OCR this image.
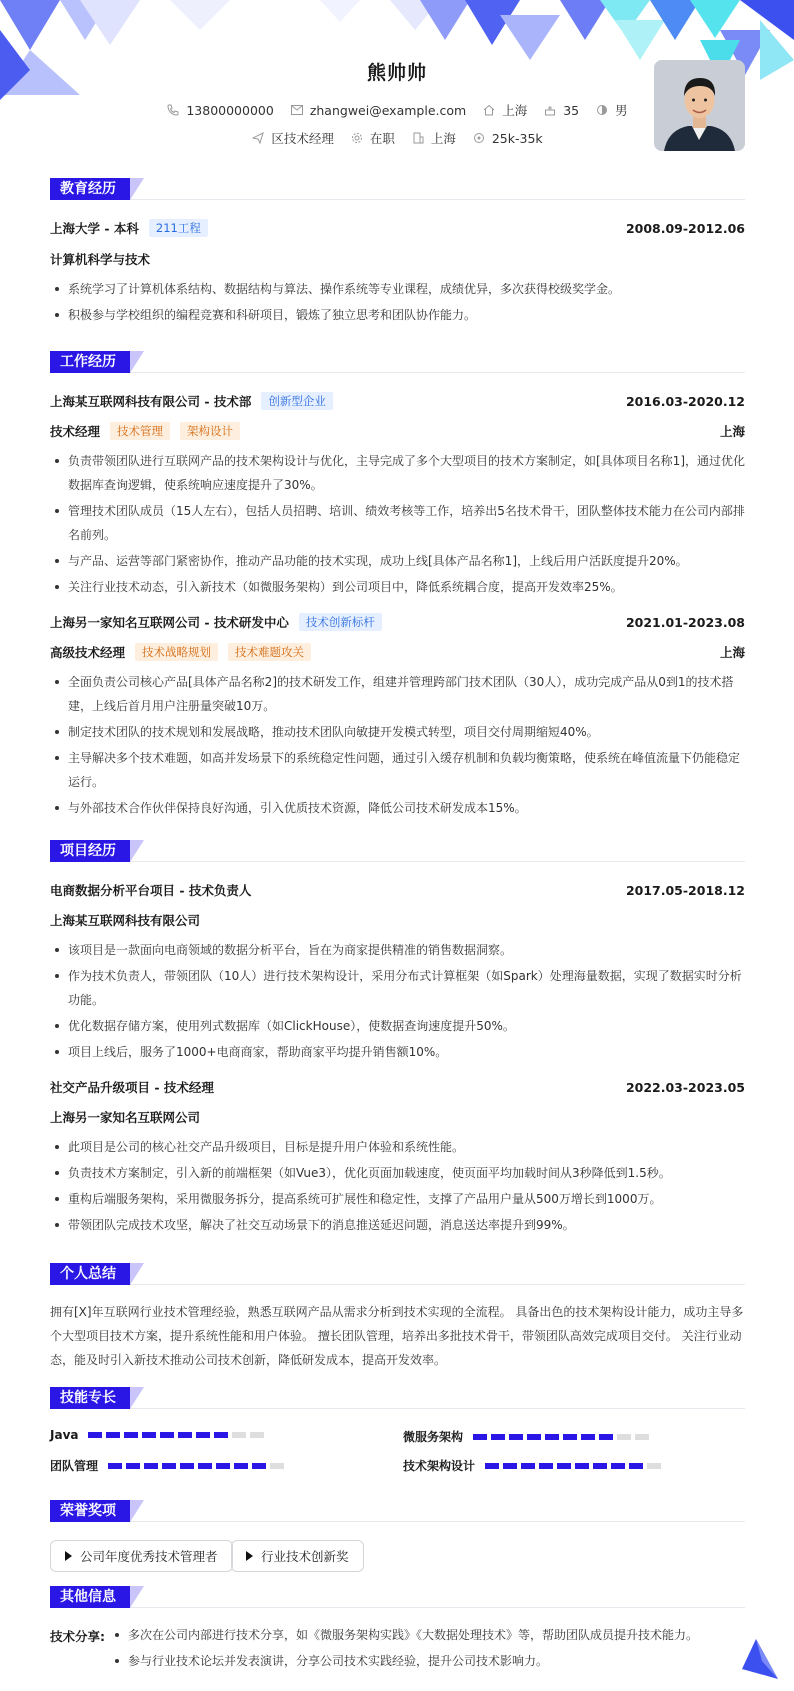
熊帅帅
13800000000	zhangwei@example.com	上海	35	男
区技术经理	在职	上海	25k-35k
教育经历
上海大学 - 本科	211工程	2008.09-2012.06
计算机科学与技术
系统学习了计算机体系结构、数据结构与算法、操作系统等专业课程，成绩优异，多次获得校级奖学金。
积极参与学校组织的编程竞赛和科研项目，锻炼了独立思考和团队协作能力。
工作经历
上海某互联网科技有限公司 - 技术部	创新型企业	2016.03-2020.12
技术经理	技术管理	架构设计	上海
负责带领团队进行互联网产品的技术架构设计与优化，主导完成了多个大型项目的技术方案制定，如[具体项目名称1]，通过优化数据库查询逻辑，使系统响应速度提升了30%。
管理技术团队成员（15人左右），包括人员招聘、培训、绩效考核等工作，培养出5名技术骨干，团队整体技术能力在公司内部排名前列。
与产品、运营等部门紧密协作，推动产品功能的技术实现，成功上线[具体产品名称1]，上线后用户活跃度提升20%。
关注行业技术动态，引入新技术（如微服务架构）到公司项目中，降低系统耦合度，提高开发效率25%。
上海另一家知名互联网公司 - 技术研发中心	技术创新标杆	2021.01-2023.08
高级技术经理	技术战略规划	技术难题攻关	上海
全面负责公司核心产品[具体产品名称2]的技术研发工作，组建并管理跨部门技术团队（30人），成功完成产品从0到1的技术搭建，上线后首月用户注册量突破10万。
制定技术团队的技术规划和发展战略，推动技术团队向敏捷开发模式转型，项目交付周期缩短40%。
主导解决多个技术难题，如高并发场景下的系统稳定性问题，通过引入缓存机制和负载均衡策略，使系统在峰值流量下仍能稳定运行。
与外部技术合作伙伴保持良好沟通，引入优质技术资源，降低公司技术研发成本15%。
项目经历
电商数据分析平台项目 - 技术负责人	2017.05-2018.12
上海某互联网科技有限公司
该项目是一款面向电商领域的数据分析平台，旨在为商家提供精准的销售数据洞察。
作为技术负责人，带领团队（10人）进行技术架构设计，采用分布式计算框架（如Spark）处理海量数据，实现了数据实时分析功能。
优化数据存储方案，使用列式数据库（如ClickHouse），使数据查询速度提升50%。
项目上线后，服务了1000+电商商家，帮助商家平均提升销售额10%。
社交产品升级项目 - 技术经理	2022.03-2023.05
上海另一家知名互联网公司
此项目是公司的核心社交产品升级项目，目标是提升用户体验和系统性能。
负责技术方案制定，引入新的前端框架（如Vue3），优化页面加载速度，使页面平均加载时间从3秒降低到1.5秒。
重构后端服务架构，采用微服务拆分，提高系统可扩展性和稳定性，支撑了产品用户量从500万增长到1000万。
带领团队完成技术攻坚，解决了社交互动场景下的消息推送延迟问题，消息送达率提升到99%。
个人总结
拥有[X]年互联网行业技术管理经验，熟悉互联网产品从需求分析到技术实现的全流程。 具备出色的技术架构设计能力，成功主导多个大型项目技术方案，提升系统性能和用户体验。 擅长团队管理，培养出多批技术骨干，带领团队高效完成项目交付。 关注行业动态，能及时引入新技术推动公司技术创新，降低研发成本，提高开发效率。
技能专长
Java	微服务架构
团队管理	技术架构设计
荣誉奖项
公司年度优秀技术管理者	行业技术创新奖
其他信息
技术分享:	多次在公司内部进行技术分享，如《微服务架构实践》《大数据处理技术》等，帮助团队成员提升技术能力。
参与行业技术论坛并发表演讲，分享公司技术实践经验，提升公司技术影响力。
